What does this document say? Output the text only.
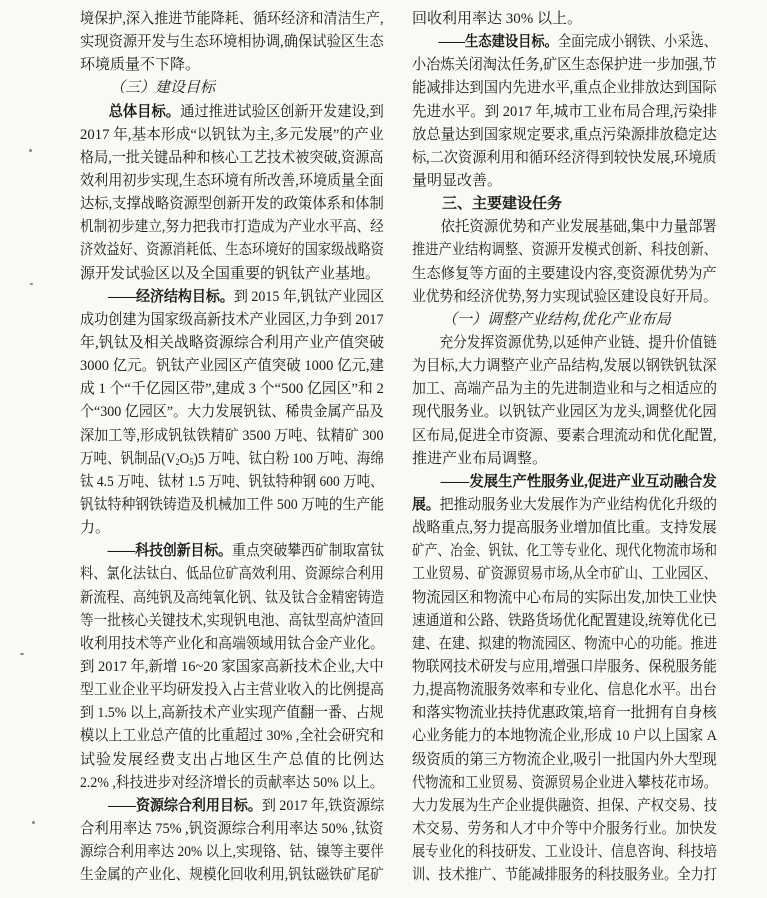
境保护,深入推进节能降耗、循环经济和清洁生产,
实现资源开发与生态环境相协调,确保试验区生态
环境质量不下降。
（三）建设目标
总体目标。通过推进试验区创新开发建设,到
2017 年,基本形成“以钒钛为主,多元发展”的产业
格局,一批关键品种和核心工艺技术被突破,资源高
效利用初步实现,生态环境有所改善,环境质量全面
达标,支撑战略资源型创新开发的政策体系和体制
机制初步建立,努力把我市打造成为产业水平高、经
济效益好、资源消耗低、生态环境好的国家级战略资
源开发试验区以及全国重要的钒钛产业基地。
——经济结构目标。到 2015 年,钒钛产业园区
成功创建为国家级高新技术产业园区,力争到 2017
年,钒钛及相关战略资源综合利用产业产值突破
3000 亿元。钒钛产业园区产值突破 1000 亿元,建
成 1 个“千亿园区带”,建成 3 个“500 亿园区”和 2
个“300 亿园区”。大力发展钒钛、稀贵金属产品及
深加工等,形成钒钛铁精矿 3500 万吨、钛精矿 300
万吨、钒制品(V2O5)5 万吨、钛白粉 100 万吨、海绵
钛 4.5 万吨、钛材 1.5 万吨、钒钛特种钢 600 万吨、
钒钛特种钢铁铸造及机械加工件 500 万吨的生产能
力。
——科技创新目标。重点突破攀西矿制取富钛
料、氯化法钛白、低品位矿高效利用、资源综合利用
新流程、高纯钒及高纯氧化钒、钛及钛合金精密铸造
等一批核心关键技术,实现钒电池、高钛型高炉渣回
收利用技术等产业化和高端领域用钛合金产业化。
到 2017 年,新增 16~20 家国家高新技术企业,大中
型工业企业平均研发投入占主营业收入的比例提高
到 1.5% 以上,高新技术产业实现产值翻一番、占规
模以上工业总产值的比重超过 30% ,全社会研究和
试验发展经费支出占地区生产总值的比例达
2.2% ,科技进步对经济增长的贡献率达 50% 以上。
——资源综合利用目标。到 2017 年,铁资源综
合利用率达 75% ,钒资源综合利用率达 50% ,钛资
源综合利用率达 20% 以上,实现铬、钴、镍等主要伴
生金属的产业化、规模化回收利用,钒钛磁铁矿尾矿
回收利用率达 30% 以上。
——生态建设目标。全面完成小钢铁、小采选、
小冶炼关闭淘汰任务,矿区生态保护进一步加强,节
能减排达到国内先进水平,重点企业排放达到国际
先进水平。到 2017 年,城市工业布局合理,污染排
放总量达到国家规定要求,重点污染源排放稳定达
标,二次资源利用和循环经济得到较快发展,环境质
量明显改善。
三、主要建设任务
依托资源优势和产业发展基础,集中力量部署
推进产业结构调整、资源开发模式创新、科技创新、
生态修复等方面的主要建设内容,变资源优势为产
业优势和经济优势,努力实现试验区建设良好开局。
（一）调整产业结构,优化产业布局
充分发挥资源优势,以延伸产业链、提升价值链
为目标,大力调整产业产品结构,发展以钢铁钒钛深
加工、高端产品为主的先进制造业和与之相适应的
现代服务业。以钒钛产业园区为龙头,调整优化园
区布局,促进全市资源、要素合理流动和优化配置,
推进产业布局调整。
——发展生产性服务业,促进产业互动融合发
展。把推动服务业大发展作为产业结构优化升级的
战略重点,努力提高服务业增加值比重。支持发展
矿产、冶金、钒钛、化工等专业化、现代化物流市场和
工业贸易、矿资源贸易市场,从全市矿山、工业园区、
物流园区和物流中心布局的实际出发,加快工业快
速通道和公路、铁路货场优化配置建设,统筹优化已
建、在建、拟建的物流园区、物流中心的功能。推进
物联网技术研发与应用,增强口岸服务、保税服务能
力,提高物流服务效率和专业化、信息化水平。出台
和落实物流业扶持优惠政策,培育一批拥有自身核
心业务能力的本地物流企业,形成 10 户以上国家 A
级资质的第三方物流企业,吸引一批国内外大型现
代物流和工业贸易、资源贸易企业进入攀枝花市场。
大力发展为生产企业提供融资、担保、产权交易、技
术交易、劳务和人才中介等中介服务行业。加快发
展专业化的科技研发、工业设计、信息咨询、科技培
训、技术推广、节能减排服务的科技服务业。全力打
